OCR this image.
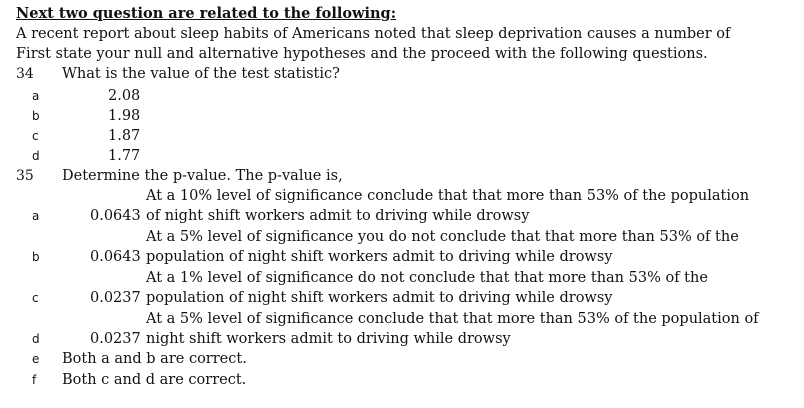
Next two question are related to the following:
A recent report about sleep habits of Americans noted that sleep deprivation causes a number of
First state your null and alternative hypotheses and the proceed with the following questions.
34 What is the value of the test statistic?
a	2.08
b	1.98
c	1.87
d	1.77
35 Determine the p-value. The p-value is,
At a 10% level of significance conclude that that more than 53% of the population
a	0.0643 of night shift workers admit to driving while drowsy
At a 5% level of significance you do not conclude that that more than 53% of the
b	0.0643 population of night shift workers admit to driving while drowsy
At a 1% level of significance do not conclude that that more than 53% of the
c	0.0237 population of night shift workers admit to driving while drowsy
At a 5% level of significance conclude that that more than 53% of the population of
d	0.0237 night shift workers admit to driving while drowsy
e Both a and b are correct.
f Both c and d are correct.
